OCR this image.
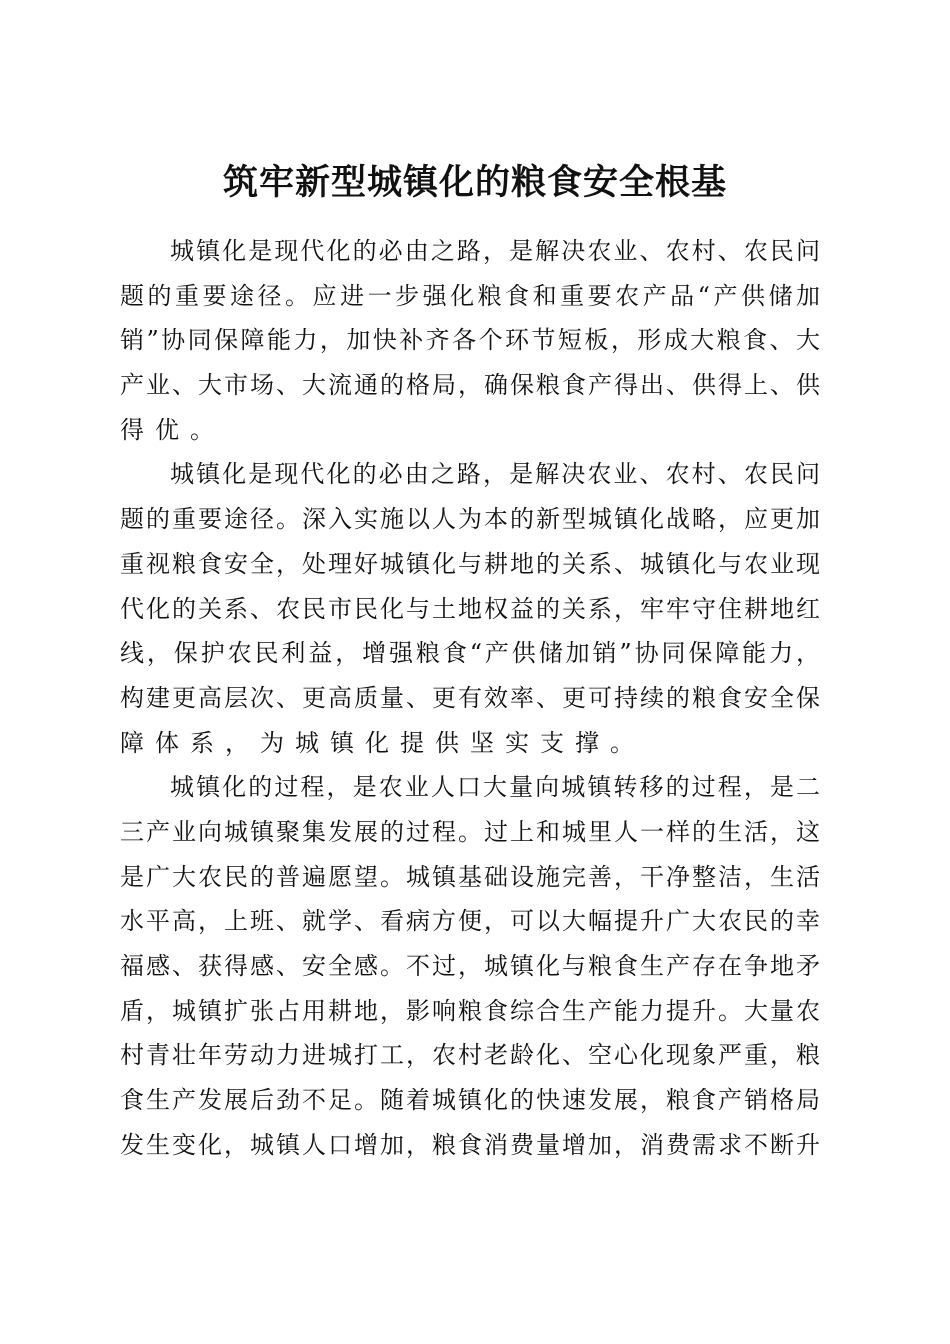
筑牢新型城镇化的粮食安全根基
城镇化是现代化的必由之路，是解决农业、农村、农民问
题的重要途径。应进一步强化粮食和重要农产品“产供储加
销”协同保障能力，加快补齐各个环节短板，形成大粮食、大
产业、大市场、大流通的格局，确保粮食产得出、供得上、供
得优。
城镇化是现代化的必由之路，是解决农业、农村、农民问
题的重要途径。深入实施以人为本的新型城镇化战略，应更加
重视粮食安全，处理好城镇化与耕地的关系、城镇化与农业现
代化的关系、农民市民化与土地权益的关系，牢牢守住耕地红
线，保护农民利益，增强粮食“产供储加销”协同保障能力，
构建更高层次、更高质量、更有效率、更可持续的粮食安全保
障体系，为城镇化提供坚实支撑。
城镇化的过程，是农业人口大量向城镇转移的过程，是二
三产业向城镇聚集发展的过程。过上和城里人一样的生活，这
是广大农民的普遍愿望。城镇基础设施完善，干净整洁，生活
水平高，上班、就学、看病方便，可以大幅提升广大农民的幸
福感、获得感、安全感。不过，城镇化与粮食生产存在争地矛
盾，城镇扩张占用耕地，影响粮食综合生产能力提升。大量农
村青壮年劳动力进城打工，农村老龄化、空心化现象严重，粮
食生产发展后劲不足。随着城镇化的快速发展，粮食产销格局
发生变化，城镇人口增加，粮食消费量增加，消费需求不断升
